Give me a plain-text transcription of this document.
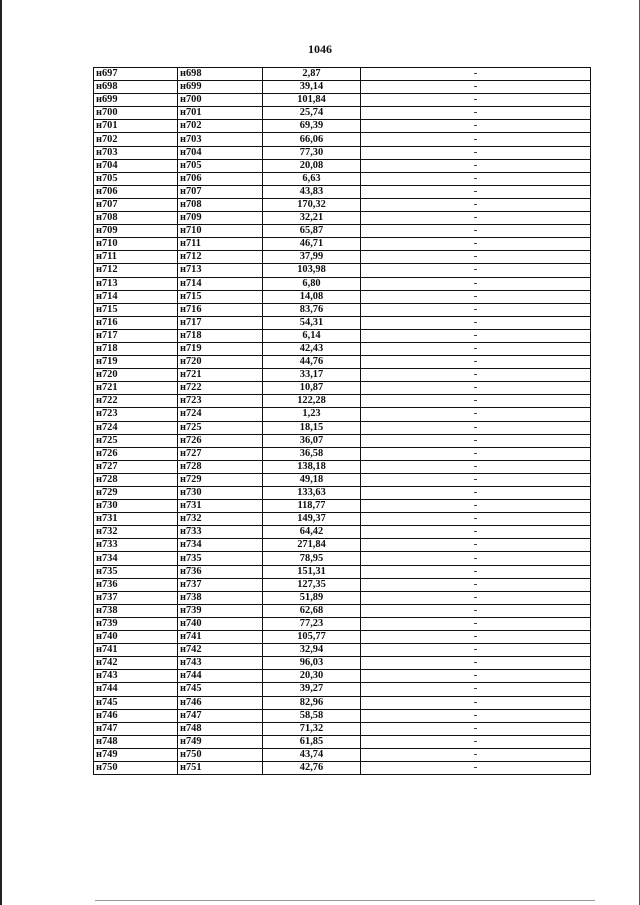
1046
н697	н698	2,87	-
н698	н699	39,14	-
н699	н700	101,84	-
н700	н701	25,74	-
н701	н702	69,39	-
н702	н703	66,06	-
н703	н704	77,30	-
н704	н705	20,08	-
н705	н706	6,63	-
н706	н707	43,83	-
н707	н708	170,32	-
н708	н709	32,21	-
н709	н710	65,87	-
н710	н711	46,71	-
н711	н712	37,99	-
н712	н713	103,98	-
н713	н714	6,80	-
н714	н715	14,08	-
н715	н716	83,76	-
н716	н717	54,31	-
н717	н718	6,14	-
н718	н719	42,43	-
н719	н720	44,76	-
н720	н721	33,17	-
н721	н722	10,87	-
н722	н723	122,28	-
н723	н724	1,23	-
н724	н725	18,15	-
н725	н726	36,07	-
н726	н727	36,58	-
н727	н728	138,18	-
н728	н729	49,18	-
н729	н730	133,63	-
н730	н731	118,77	-
н731	н732	149,37	-
н732	н733	64,42	-
н733	н734	271,84	-
н734	н735	78,95	-
н735	н736	151,31	-
н736	н737	127,35	-
н737	н738	51,89	-
н738	н739	62,68	-
н739	н740	77,23	-
н740	н741	105,77	-
н741	н742	32,94	-
н742	н743	96,03	-
н743	н744	20,30	-
н744	н745	39,27	-
н745	н746	82,96	-
н746	н747	58,58	-
н747	н748	71,32	-
н748	н749	61,85	-
н749	н750	43,74	-
н750	н751	42,76	-
